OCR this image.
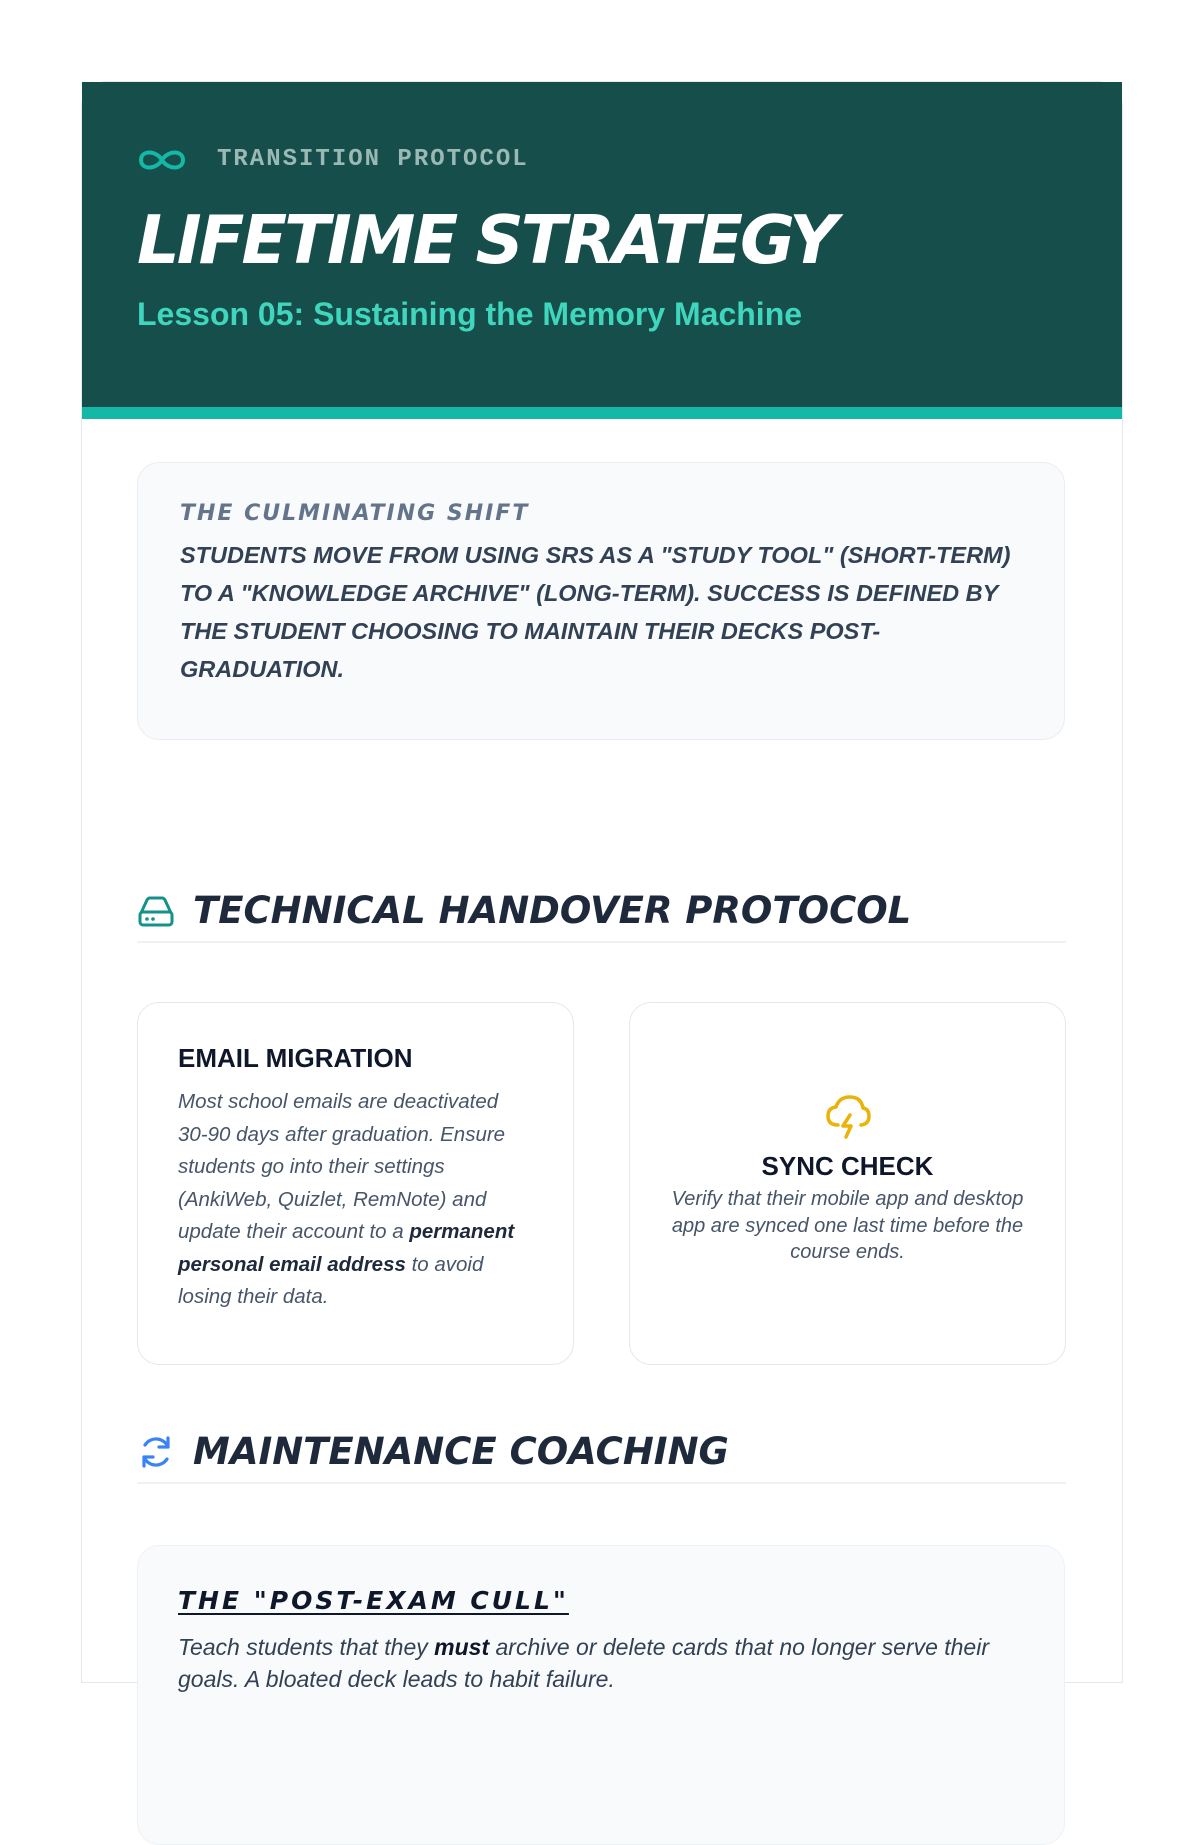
TRANSITION PROTOCOL
LIFETIME STRATEGY

Lesson 05: Sustaining the Memory Machine

THE CULMINATING SHIFT

STUDENTS MOVE FROM USING SRS AS A "STUDY TOOL" (SHORT-TERM) TO A "KNOWLEDGE ARCHIVE" (LONG-TERM). SUCCESS IS DEFINED BY THE STUDENT CHOOSING TO MAINTAIN THEIR DECKS POST-GRADUATION.

TECHNICAL HANDOVER PROTOCOL

EMAIL MIGRATION

Most school emails are deactivated 30-90 days after graduation. Ensure students go into their settings (AnkiWeb, Quizlet, RemNote) and update their account to a permanent personal email address to avoid losing their data.

SYNC CHECK

Verify that their mobile app and desktop app are synced one last time before the course ends.

MAINTENANCE COACHING

THE "POST-EXAM CULL"

Teach students that they must archive or delete cards that no longer serve their goals. A bloated deck leads to habit failure.
